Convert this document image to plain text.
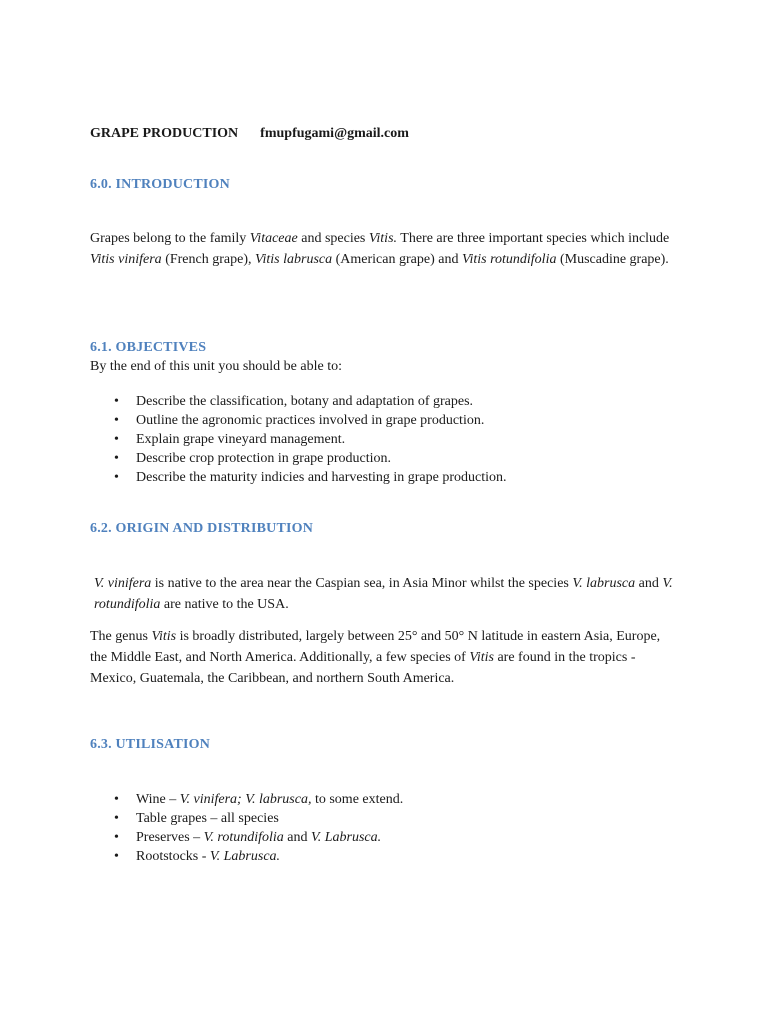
GRAPE PRODUCTION fmupfugami@gmail.com
6.0. INTRODUCTION
Grapes belong to the family Vitaceae and species Vitis. There are three important species which include Vitis vinifera (French grape), Vitis labrusca (American grape) and Vitis rotundifolia (Muscadine grape).
6.1. OBJECTIVES
By the end of this unit you should be able to:
• Describe the classification, botany and adaptation of grapes.
• Outline the agronomic practices involved in grape production.
• Explain grape vineyard management.
• Describe crop protection in grape production.
• Describe the maturity indicies and harvesting in grape production.
6.2. ORIGIN AND DISTRIBUTION
V. vinifera is native to the area near the Caspian sea, in Asia Minor whilst the species V. labrusca and V. rotundifolia are native to the USA.
The genus Vitis is broadly distributed, largely between 25° and 50° N latitude in eastern Asia, Europe, the Middle East, and North America. Additionally, a few species of Vitis are found in the tropics - Mexico, Guatemala, the Caribbean, and northern South America.
6.3. UTILISATION
• Wine – V. vinifera; V. labrusca, to some extend.
• Table grapes – all species
• Preserves – V. rotundifolia and V. Labrusca.
• Rootstocks - V. Labrusca.
